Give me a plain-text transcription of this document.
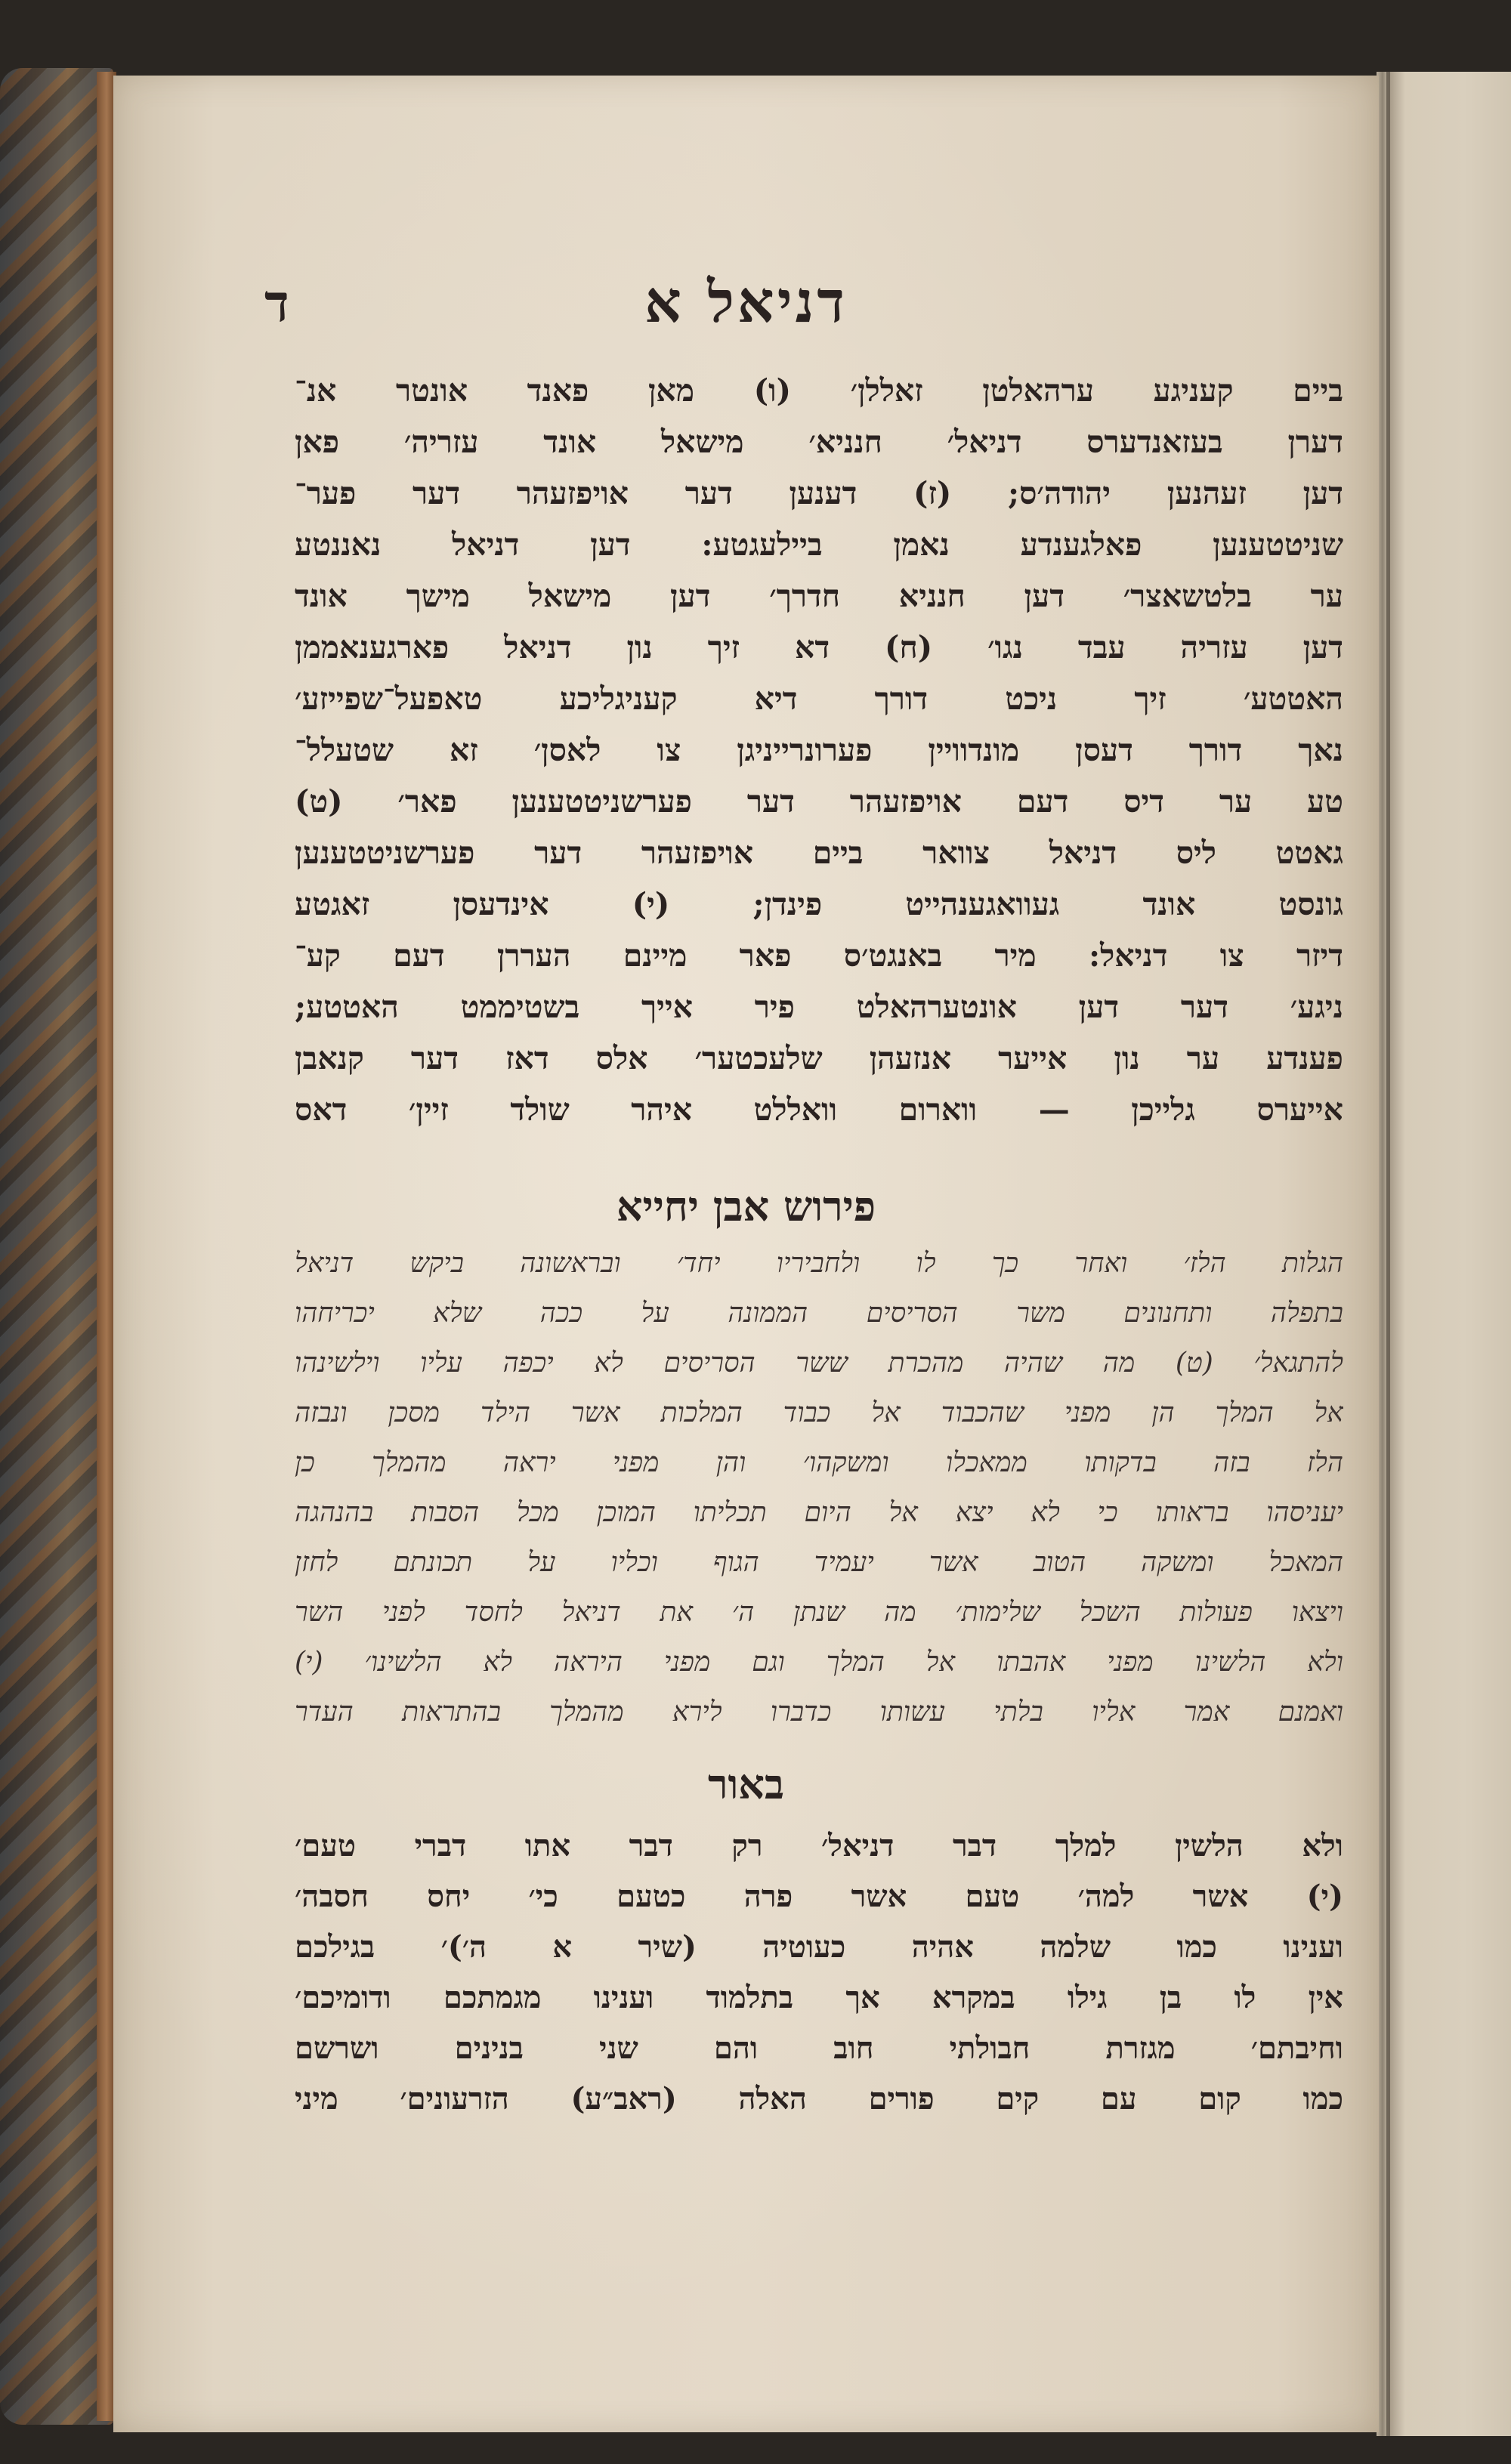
דניאל א
ד
ביים קעניגע ערהאלטן זאללן׳ (ו) מאן פאנד אונטר אנ־
דערן בעזאנדערס דניאל׳ חנניא׳ מישאל אונד עזריה׳ פאן
דען זעהנען יהודה׳ס; (ז) דענען דער אויפזעהר דער פער־
שניטטענען פאלגענדע נאמן ביילעגטע: דען דניאל נאננטע
ער בלטשאצר׳ דען חנניא חדרך׳ דען מישאל מישך אונד
דען עזריה עבד נגו׳ (ח) דא זיך נון דניאל פארגענאממן
האטטע׳ זיך ניכט דורך דיא קעניגליכע טאפעל־שפייזע׳
נאך דורך דעסן מונדוויין פערונרייניגן צו לאסן׳ זא שטעלל־
טע ער דיס דעם אויפזעהר דער פערשניטטענען פאר׳ (ט)
גאטט ליס דניאל צוואר ביים אויפזעהר דער פערשניטטענען
גונסט אונד געוואגענהייט פינדן; (י) אינדעסן זאגטע
דיזר צו דניאל: מיר באנגט׳ס פאר מיינם העררן דעם קע־
ניגע׳ דער דען אונטערהאלט פיר אייך בשטיממט האטטע;
פענדע ער נון אייער אנזעהן שלעכטער׳ אלס דאז דער קנאבן
אייערס גלייכן — ווארום וואללט איהר שולד זיין׳ דאס
פירוש אבן יחייא
הגלות הלז׳ ואחר כך לו ולחביריו יחד׳ ובראשונה ביקש דניאל
בתפלה ותחנונים משר הסריסים הממונה על ככה שלא יכריחהו
להתגאל׳ (ט) מה שהיה מהכרת ששר הסריסים לא יכפה עליו וילשינהו
אל המלך הן מפני שהכבוד אל כבוד המלכות אשר הילד מסכן ונבזה
הלז בזה בדקותו ממאכלו ומשקהו׳ והן מפני יראה מהמלך כן
יעניסהו בראותו כי לא יצא אל היום תכליתו המוכן מכל הסבות בהנהגה
המאכל ומשקה הטוב אשר יעמיד הגוף וכליו על תכונתם לחזן
ויצאו פעולות השכל שלימות׳ מה שנתן ה׳ את דניאל לחסד לפני השר
ולא הלשינו מפני אהבתו אל המלך וגם מפני היראה לא הלשינו׳ (י)
ואמנם אמר אליו בלתי עשותו כדברו לירא מהמלך בהתראות העדר
באור
ולא הלשין למלך דבר דניאל׳ רק דבר אתו דברי טעם׳
(י) אשר למה׳ טעם אשר פרה כטעם כי׳ יחס חסבה׳
וענינו כמו שלמה אהיה כעוטיה (שיר א ה׳)׳ בגילכם
אין לו בן גילו במקרא אך בתלמוד וענינו מגמתכם ודומיכם׳
וחיבתם׳ מגזרת חבולתי חוב והם שני בנינים ושרשם
כמו קום עם קים פורים האלה (ראב״ע) הזרעונים׳ מיני
